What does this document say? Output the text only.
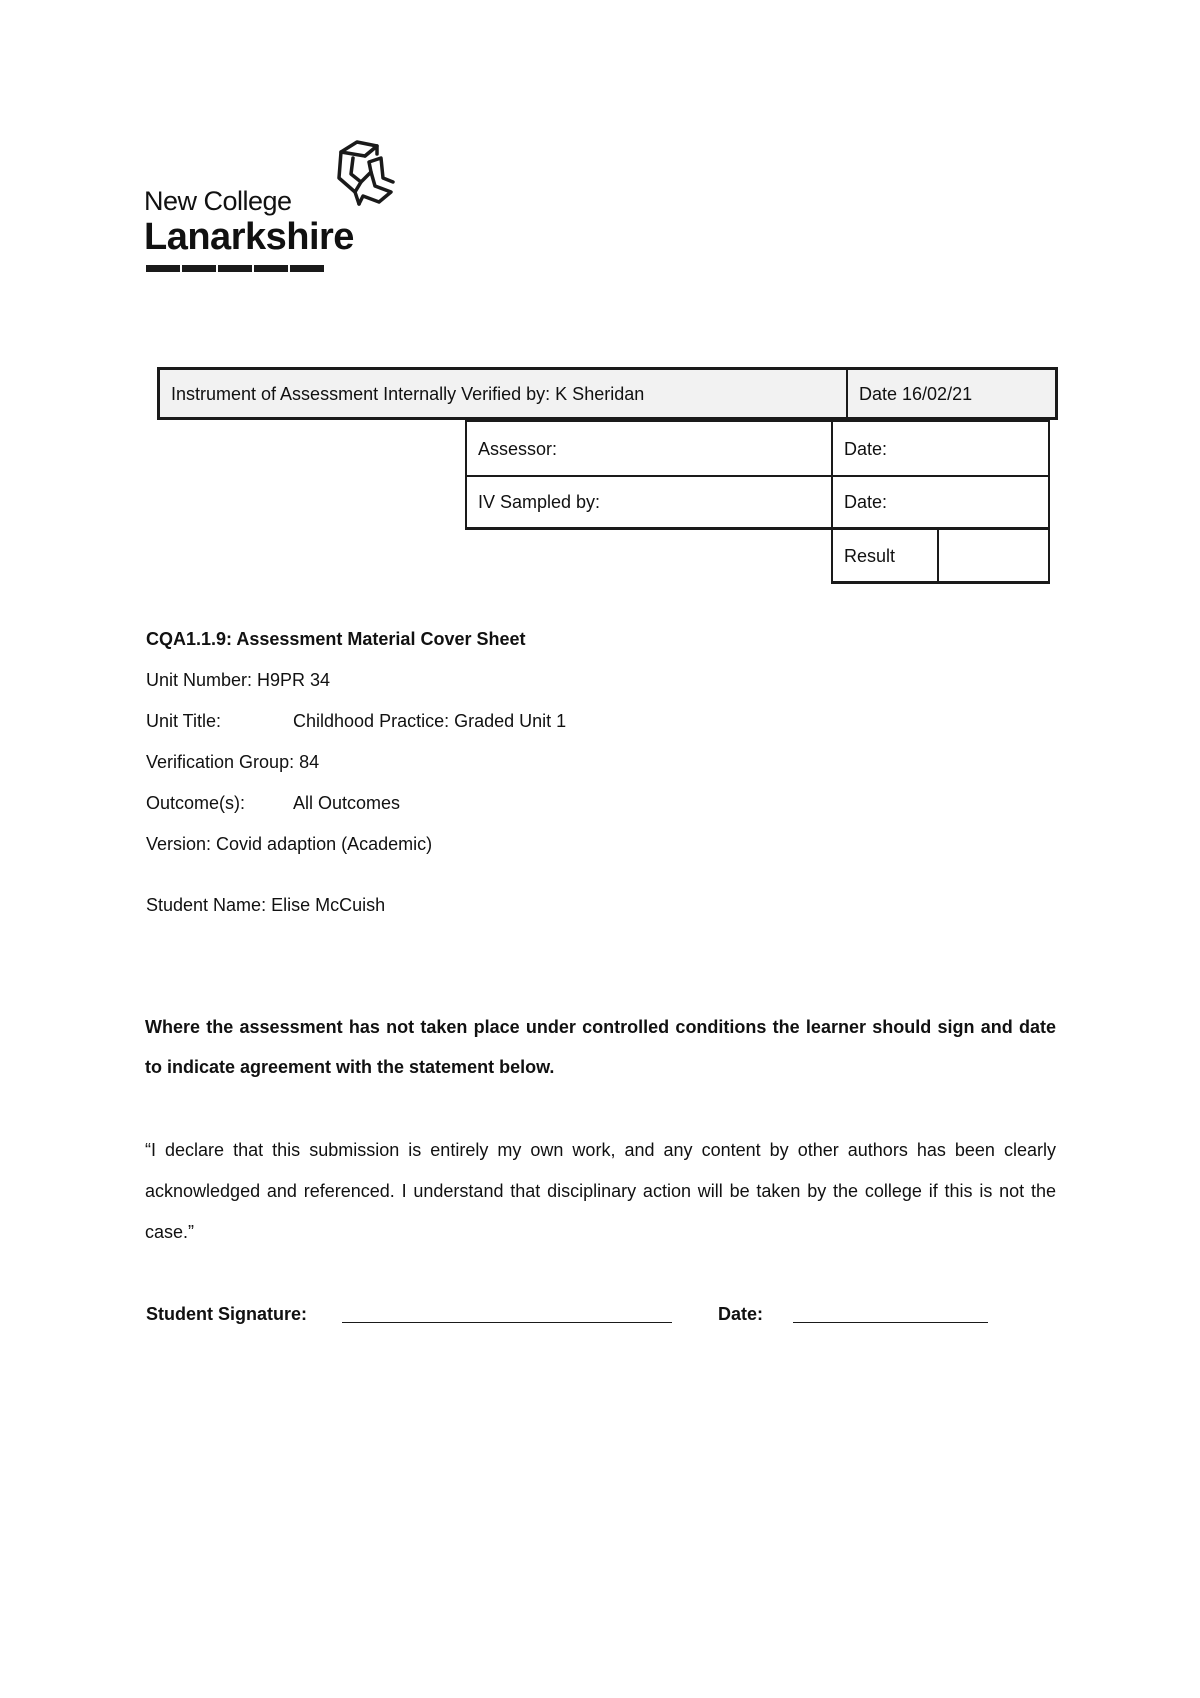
New College
Lanarkshire
Instrument of Assessment Internally Verified by: K Sheridan	Date 16/02/21
Assessor:	Date:
IV Sampled by:	Date:
Result
CQA1.1.9: Assessment Material Cover Sheet
Unit Number: H9PR 34
Unit Title:	Childhood Practice: Graded Unit 1
Verification Group: 84
Outcome(s):	All Outcomes
Version: Covid adaption (Academic)
Student Name: Elise McCuish
Where the assessment has not taken place under controlled conditions the learner should sign and date to indicate agreement with the statement below.
“I declare that this submission is entirely my own work, and any content by other authors has been clearly acknowledged and referenced. I understand that disciplinary action will be taken by the college if this is not the case.”
Student Signature:	Date:
